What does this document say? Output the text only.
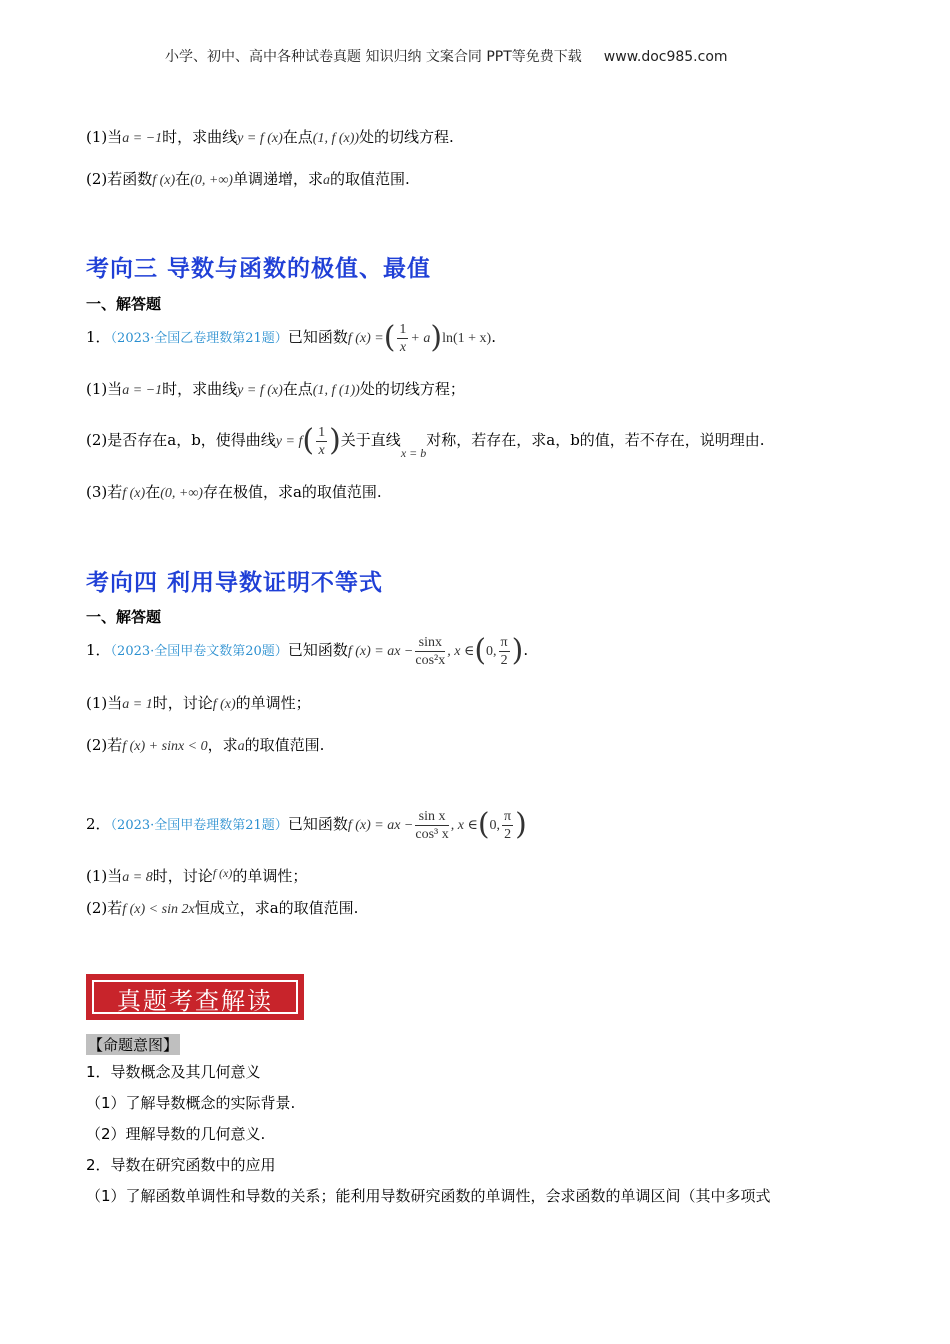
小学、初中、高中各种试卷真题 知识归纳 文案合同 PPT等免费下载 www.doc985.com
(1)当a = −1时，求曲线y = f (x)在点(1, f (x))处的切线方程.
(2)若函数f (x)在(0, +∞)单调递增，求a的取值范围.
考向三 导数与函数的极值、最值
一、解答题
1．（2023·全国乙卷理数第21题）已知函数f (x) =( $\frac{1}{x} + a)\ln(1 + x)$.
(1)当a = −1时，求曲线y = f (x)在点(1, f (1))处的切线方程；
(2)是否存在a，b，使得曲线$y = f( \frac{1}{x}$ )关于直线$_{x = b}$对称，若存在，求a，b的值，若不存在，说明理由.
(3)若f (x)在(0, +∞)存在极值，求a的取值范围.
考向四 利用导数证明不等式
一、解答题
1．（2023·全国甲卷文数第20题）已知函数f (x) = ax − $\frac{\sin x}{\text{cos²x}}$ , x ∈(0, $\frac{\pi}{2}$ ).
(1)当a = 1时，讨论f (x)的单调性；
(2)若f (x) + sinx < 0，求a的取值范围.
2．（2023·全国甲卷理数第21题）已知函数f (x) = ax − $\frac{\text{sin x}}{\text{cos³ x}}$ , x ∈(0, $\frac{\pi}{2}$ )
(1)当a = 8时，讨论$^{f (x)}$的单调性；
(2)若f (x) < sin 2x恒成立，求a的取值范围.
真题考查解读
【命题意图】
1．导数概念及其几何意义
（1）了解导数概念的实际背景.
（2）理解导数的几何意义.
2．导数在研究函数中的应用
（1）了解函数单调性和导数的关系；能利用导数研究函数的单调性，会求函数的单调区间（其中多项式
